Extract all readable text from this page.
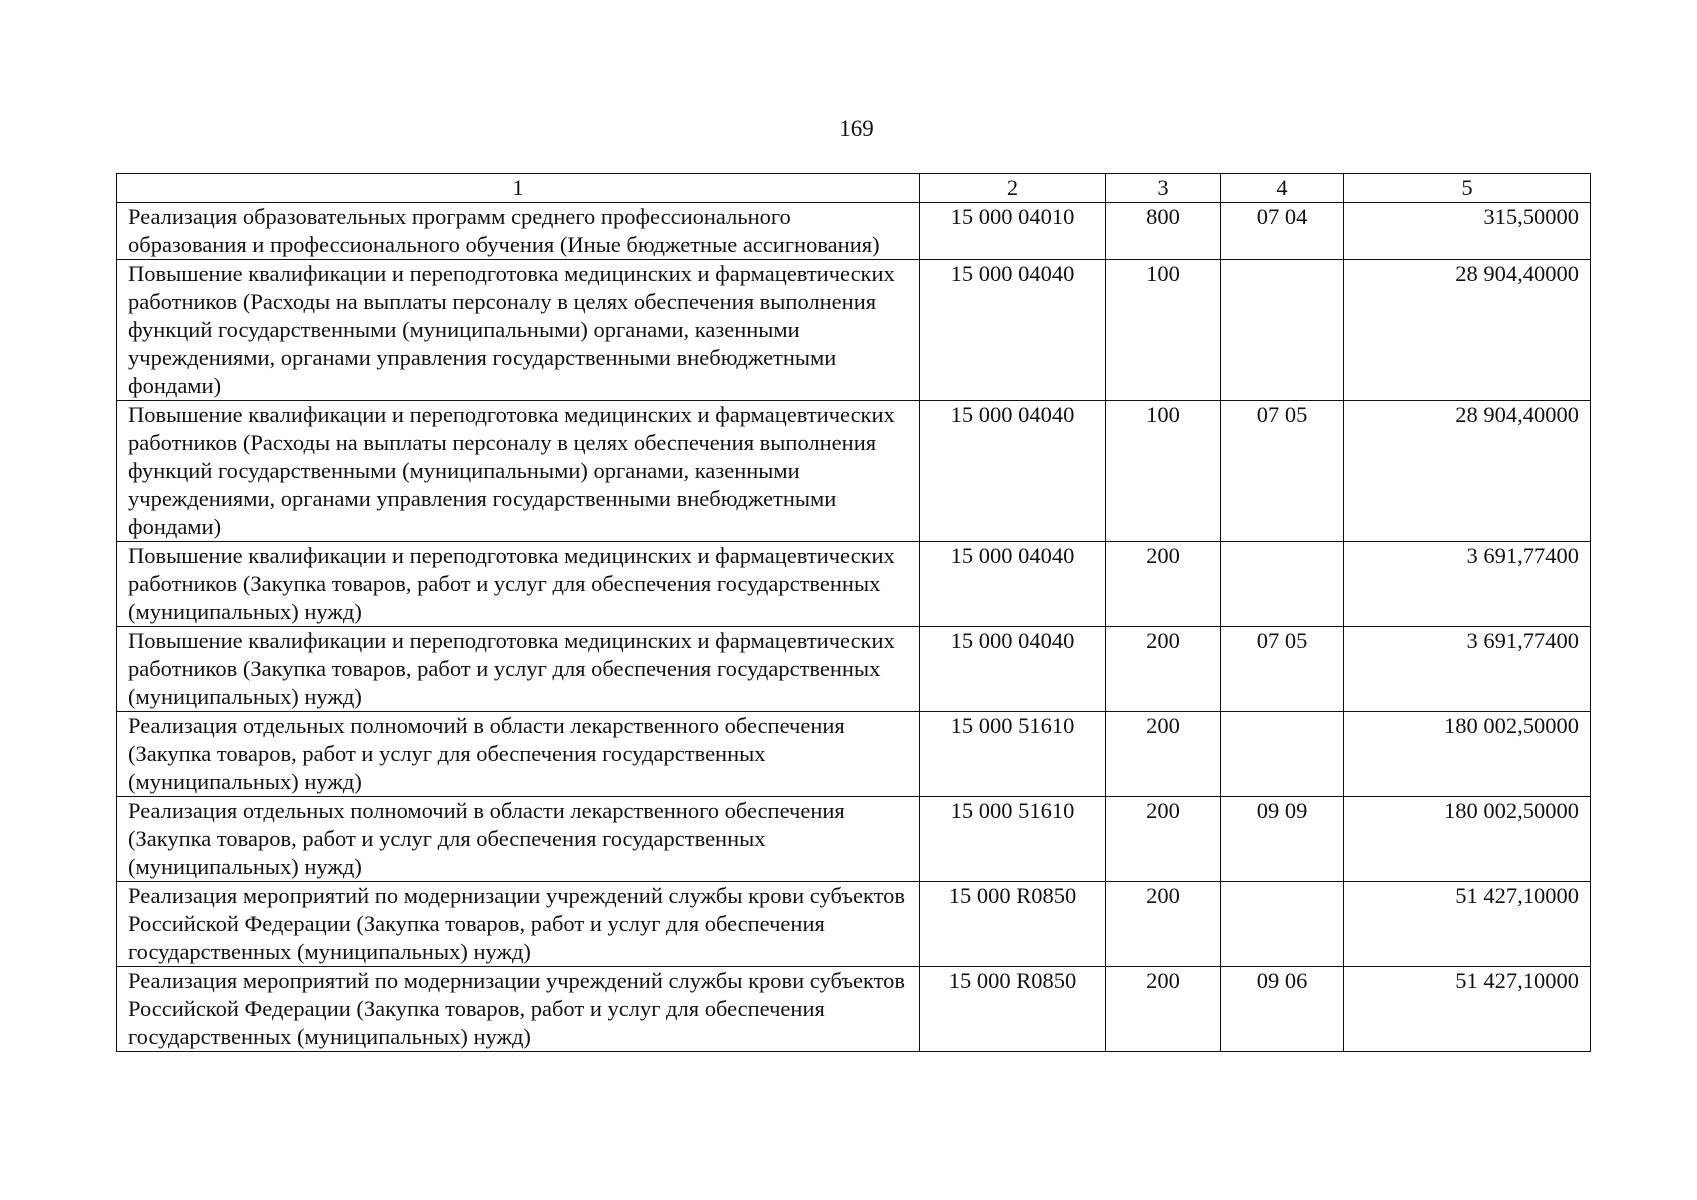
169
1	2	3	4	5
Реализация образовательных программ среднего профессионального образования и профессионального обучения (Иные бюджетные ассигнования)	15 000 04010	800	07 04	315,50000
Повышение квалификации и переподготовка медицинских и фармацевтических работников (Расходы на выплаты персоналу в целях обеспечения выполнения функций государственными (муниципальными) органами, казенными учреждениями, органами управления государственными внебюджетными фондами)	15 000 04040	100		28 904,40000
Повышение квалификации и переподготовка медицинских и фармацевтических работников (Расходы на выплаты персоналу в целях обеспечения выполнения функций государственными (муниципальными) органами, казенными учреждениями, органами управления государственными внебюджетными фондами)	15 000 04040	100	07 05	28 904,40000
Повышение квалификации и переподготовка медицинских и фармацевтических работников (Закупка товаров, работ и услуг для обеспечения государственных (муниципальных) нужд)	15 000 04040	200		3 691,77400
Повышение квалификации и переподготовка медицинских и фармацевтических работников (Закупка товаров, работ и услуг для обеспечения государственных (муниципальных) нужд)	15 000 04040	200	07 05	3 691,77400
Реализация отдельных полномочий в области лекарственного обеспечения (Закупка товаров, работ и услуг для обеспечения государственных (муниципальных) нужд)	15 000 51610	200		180 002,50000
Реализация отдельных полномочий в области лекарственного обеспечения (Закупка товаров, работ и услуг для обеспечения государственных (муниципальных) нужд)	15 000 51610	200	09 09	180 002,50000
Реализация мероприятий по модернизации учреждений службы крови субъектов Российской Федерации (Закупка товаров, работ и услуг для обеспечения государственных (муниципальных) нужд)	15 000 R0850	200		51 427,10000
Реализация мероприятий по модернизации учреждений службы крови субъектов Российской Федерации (Закупка товаров, работ и услуг для обеспечения государственных (муниципальных) нужд)	15 000 R0850	200	09 06	51 427,10000
